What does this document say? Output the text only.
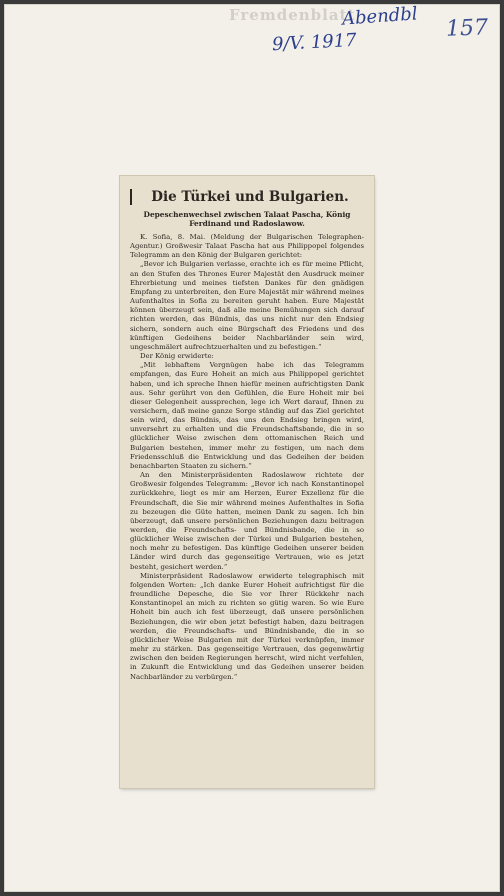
Fremdenblatt
Abendbl
9/V. 1917
157
Die Türkei und Bulgarien.
Depeschenwechsel zwischen Talaat Pascha, König Ferdinand und Radoslawow.

K. Sofia, 8. Mai. (Meldung der Bulgarischen Telegraphen-Agentur.) Großwesir Talaat Pascha hat aus Philippopel folgendes Telegramm an den König der Bulgaren gerichtet:

„Bevor ich Bulgarien verlasse, erachte ich es für meine Pflicht, an den Stufen des Thrones Eurer Majestät den Ausdruck meiner Ehrerbietung und meines tiefsten Dankes für den gnädigen Empfang zu unterbreiten, den Eure Majestät mir während meines Aufenthaltes in Sofia zu bereiten geruht haben. Eure Majestät können überzeugt sein, daß alle meine Bemühungen sich darauf richten werden, das Bündnis, das uns nicht nur den Endsieg sichern, sondern auch eine Bürgschaft des Friedens und des künftigen Gedeihens beider Nachbarländer sein wird, ungeschmälert aufrechtzuerhalten und zu befestigen.“

Der König erwiderte:

„Mit lebhaftem Vergnügen habe ich das Telegramm empfangen, das Eure Hoheit an mich aus Philippopel gerichtet haben, und ich spreche Ihnen hiefür meinen aufrichtigsten Dank aus. Sehr gerührt von den Gefühlen, die Eure Hoheit mir bei dieser Gelegenheit aussprechen, lege ich Wert darauf, Ihnen zu versichern, daß meine ganze Sorge ständig auf das Ziel gerichtet sein wird, das Bündnis, das uns den Endsieg bringen wird, unversehrt zu erhalten und die Freundschaftsbande, die in so glücklicher Weise zwischen dem ottomanischen Reich und Bulgarien bestehen, immer mehr zu festigen, um nach dem Friedensschluß die Entwicklung und das Gedeihen der beiden benachbarten Staaten zu sichern.“

An den Ministerpräsidenten Radoslawow richtete der Großwesir folgendes Telegramm: „Bevor ich nach Konstantinopel zurückkehre, liegt es mir am Herzen, Eurer Exzellenz für die Freundschaft, die Sie mir während meines Aufenthaltes in Sofia zu bezeugen die Güte hatten, meinen Dank zu sagen. Ich bin überzeugt, daß unsere persönlichen Beziehungen dazu beitragen werden, die Freundschafts- und Bündnisbande, die in so glücklicher Weise zwischen der Türkei und Bulgarien bestehen, noch mehr zu befestigen. Das künftige Gedeihen unserer beiden Länder wird durch das gegenseitige Vertrauen, wie es jetzt besteht, gesichert werden.“

Ministerpräsident Radoslawow erwiderte telegraphisch mit folgenden Worten: „Ich danke Eurer Hoheit aufrichtigst für die freundliche Depesche, die Sie vor Ihrer Rückkehr nach Konstantinopel an mich zu richten so gütig waren. So wie Eure Hoheit bin auch ich fest überzeugt, daß unsere persönlichen Beziehungen, die wir eben jetzt befestigt haben, dazu beitragen werden, die Freundschafts- und Bündnisbande, die in so glücklicher Weise Bulgarien mit der Türkei verknüpfen, immer mehr zu stärken. Das gegenseitige Vertrauen, das gegenwärtig zwischen den beiden Regierungen herrscht, wird nicht verfehlen, in Zukunft die Entwicklung und das Gedeihen unserer beiden Nachbarländer zu verbürgen.“
